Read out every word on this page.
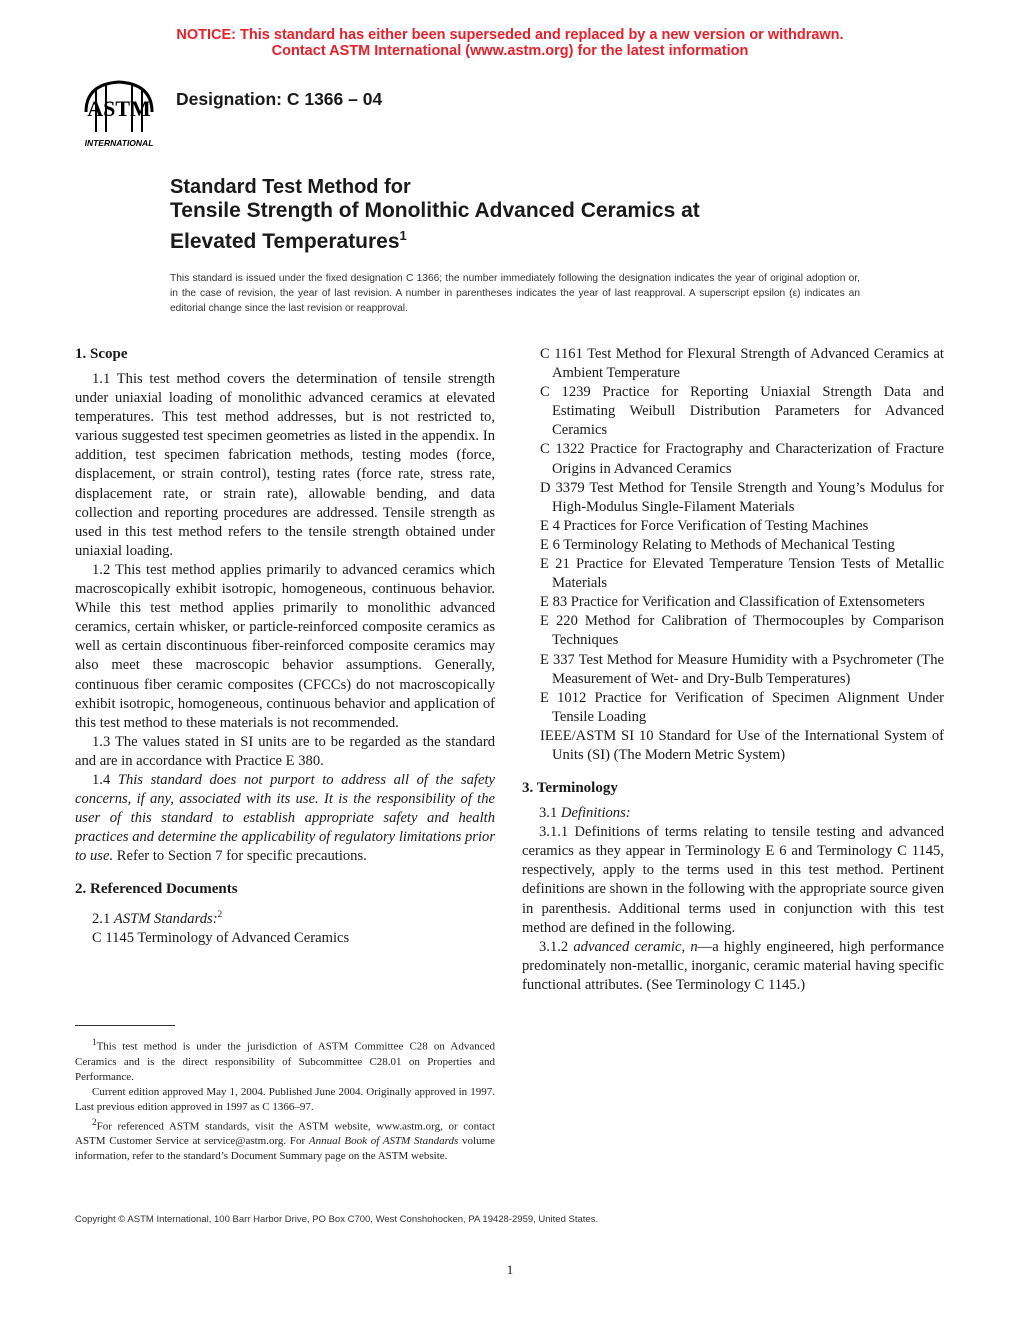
NOTICE: This standard has either been superseded and replaced by a new version or withdrawn.
Contact ASTM International (www.astm.org) for the latest information
ASTM
INTERNATIONAL
Designation: C 1366 – 04
Standard Test Method for
Tensile Strength of Monolithic Advanced Ceramics at
Elevated Temperatures$^1$
This standard is issued under the fixed designation C 1366; the number immediately following the designation indicates the year of original adoption or, in the case of revision, the year of last revision. A number in parentheses indicates the year of last reapproval. A superscript epsilon (ε) indicates an editorial change since the last revision or reapproval.
1. Scope

1.1 This test method covers the determination of tensile strength under uniaxial loading of monolithic advanced ceramics at elevated temperatures. This test method addresses, but is not restricted to, various suggested test specimen geometries as listed in the appendix. In addition, test specimen fabrication methods, testing modes (force, displacement, or strain control), testing rates (force rate, stress rate, displacement rate, or strain rate), allowable bending, and data collection and reporting procedures are addressed. Tensile strength as used in this test method refers to the tensile strength obtained under uniaxial loading.

1.2 This test method applies primarily to advanced ceramics which macroscopically exhibit isotropic, homogeneous, continuous behavior. While this test method applies primarily to monolithic advanced ceramics, certain whisker, or particle-reinforced composite ceramics as well as certain discontinuous fiber-reinforced composite ceramics may also meet these macroscopic behavior assumptions. Generally, continuous fiber ceramic composites (CFCCs) do not macroscopically exhibit isotropic, homogeneous, continuous behavior and application of this test method to these materials is not recommended.

1.3 The values stated in SI units are to be regarded as the standard and are in accordance with Practice E 380.

1.4 This standard does not purport to address all of the safety concerns, if any, associated with its use. It is the responsibility of the user of this standard to establish appropriate safety and health practices and determine the applicability of regulatory limitations prior to use. Refer to Section 7 for specific precautions.

2. Referenced Documents

2.1 ASTM Standards:$^2$

C 1145 Terminology of Advanced Ceramics

$^1$This test method is under the jurisdiction of ASTM Committee C28 on Advanced Ceramics and is the direct responsibility of Subcommittee C28.01 on Properties and Performance.

Current edition approved May 1, 2004. Published June 2004. Originally approved in 1997. Last previous edition approved in 1997 as C 1366–97.

$^2$For referenced ASTM standards, visit the ASTM website, www.astm.org, or contact ASTM Customer Service at service@astm.org. For Annual Book of ASTM Standards volume information, refer to the standard’s Document Summary page on the ASTM website.

C 1161 Test Method for Flexural Strength of Advanced Ceramics at Ambient Temperature

C 1239 Practice for Reporting Uniaxial Strength Data and Estimating Weibull Distribution Parameters for Advanced Ceramics

C 1322 Practice for Fractography and Characterization of Fracture Origins in Advanced Ceramics

D 3379 Test Method for Tensile Strength and Young’s Modulus for High-Modulus Single-Filament Materials

E 4 Practices for Force Verification of Testing Machines

E 6 Terminology Relating to Methods of Mechanical Testing

E 21 Practice for Elevated Temperature Tension Tests of Metallic Materials

E 83 Practice for Verification and Classification of Extensometers

E 220 Method for Calibration of Thermocouples by Comparison Techniques

E 337 Test Method for Measure Humidity with a Psychrometer (The Measurement of Wet- and Dry-Bulb Temperatures)

E 1012 Practice for Verification of Specimen Alignment Under Tensile Loading

IEEE/ASTM SI 10 Standard for Use of the International System of Units (SI) (The Modern Metric System)

3. Terminology

3.1 Definitions:

3.1.1 Definitions of terms relating to tensile testing and advanced ceramics as they appear in Terminology E 6 and Terminology C 1145, respectively, apply to the terms used in this test method. Pertinent definitions are shown in the following with the appropriate source given in parenthesis. Additional terms used in conjunction with this test method are defined in the following.

3.1.2 advanced ceramic, n—a highly engineered, high performance predominately non-metallic, inorganic, ceramic material having specific functional attributes. (See Terminology C 1145.)

Copyright © ASTM International, 100 Barr Harbor Drive, PO Box C700, West Conshohocken, PA 19428-2959, United States.
1
